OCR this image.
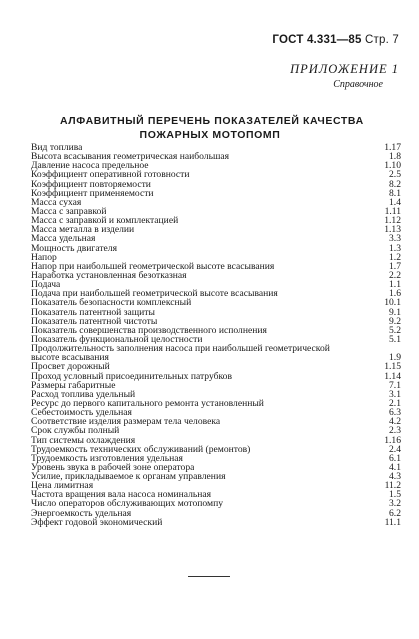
ГОСТ 4.331—85 Стр. 7
ПРИЛОЖЕНИЕ 1
Справочное
АЛФАВИТНЫЙ ПЕРЕЧЕНЬ ПОКАЗАТЕЛЕЙ КАЧЕСТВА
ПОЖАРНЫХ МОТОПОМП
Вид топлива	1.17
Высота всасывания геометрическая наибольшая	1.8
Давление насоса предельное	1.10
Коэффициент оперативной готовности	2.5
Коэффициент повторяемости	8.2
Коэффициент применяемости	8.1
Масса сухая	1.4
Масса с заправкой	1.11
Масса с заправкой и комплектацией	1.12
Масса металла в изделии	1.13
Масса удельная	3.3
Мощность двигателя	1.3
Напор	1.2
Напор при наибольшей геометрической высоте всасывания	1.7
Наработка установленная безотказная	2.2
Подача	1.1
Подача при наибольшей геометрической высоте всасывания	1.6
Показатель безопасности комплексный	10.1
Показатель патентной защиты	9.1
Показатель патентной чистоты	9.2
Показатель совершенства производственного исполнения	5.2
Показатель функциональной целостности	5.1
Продолжительность заполнения насоса при наибольшей геометрической
высоте всасывания	1.9
Просвет дорожный	1.15
Проход условный присоединительных патрубков	1.14
Размеры габаритные	7.1
Расход топлива удельный	3.1
Ресурс до первого капитального ремонта установленный	2.1
Себестоимость удельная	6.3
Соответствие изделия размерам тела человека	4.2
Срок службы полный	2.3
Тип системы охлаждения	1.16
Трудоемкость технических обслуживаний (ремонтов)	2.4
Трудоемкость изготовления удельная	6.1
Уровень звука в рабочей зоне оператора	4.1
Усилие, прикладываемое к органам управления	4.3
Цена лимитная	11.2
Частота вращения вала насоса номинальная	1.5
Число операторов обслуживающих мотопомпу	3.2
Энергоемкость удельная	6.2
Эффект годовой экономический	11.1
